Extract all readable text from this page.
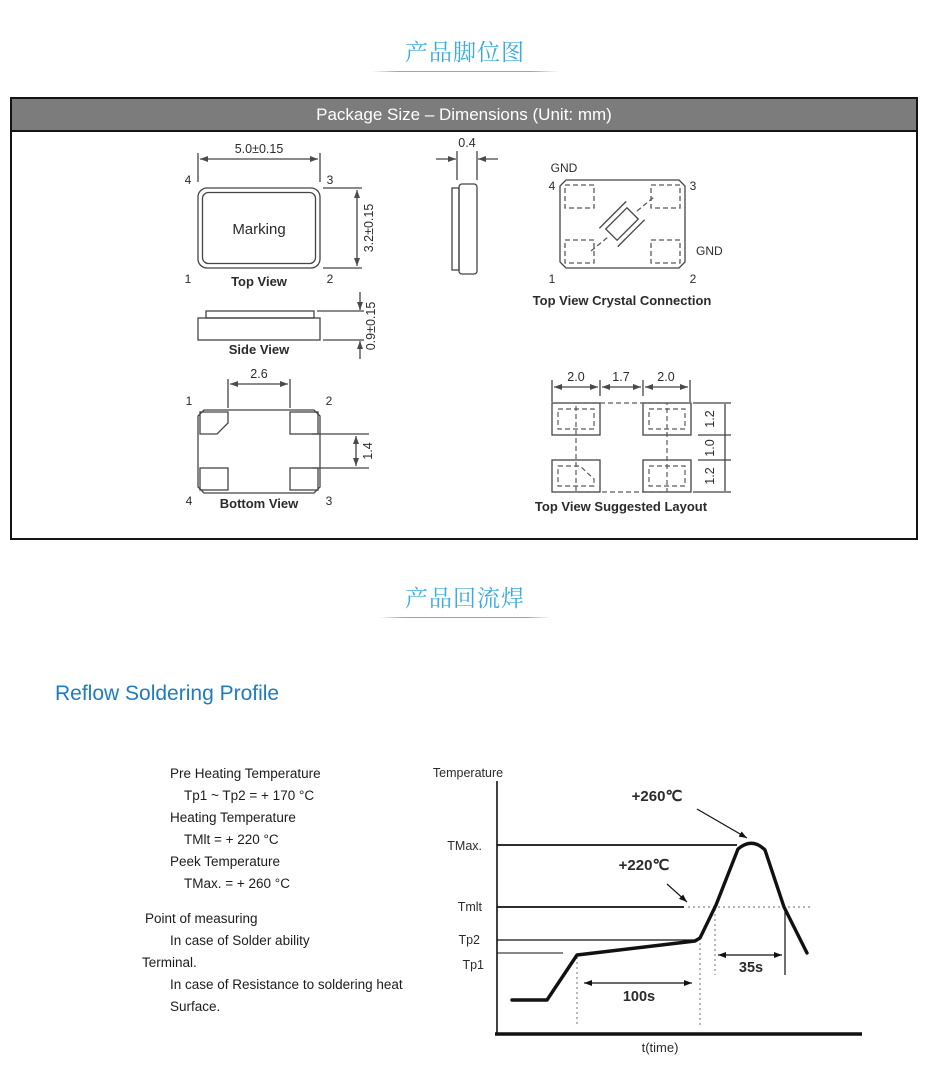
产品脚位图
Package Size – Dimensions (Unit: mm)
5.0±0.15
4	3
1	2
Marking	3.2±0.15
Top View
0.4
GND
GND
4	3
1	2
Top View Crystal Connection
0.9±0.15
Side View
2.6
1	2
4	3
1.4
Bottom View
2.0 1.7 2.0
1.2
1.0
1.2
Top View Suggested Layout
产品回流焊
Reflow Soldering Profile
Pre Heating Temperature
Tp1 ~ Tp2 = + 170 °C
Heating Temperature
TMlt = + 220 °C
Peek Temperature
TMax. = + 260 °C
Point of measuring
In case of Solder ability
Terminal.
In case of Resistance to soldering heat
Surface.
Temperature
TMax.
Tmlt
Tp2
Tp1
+260℃
+220℃
100s
35s
t(time)
